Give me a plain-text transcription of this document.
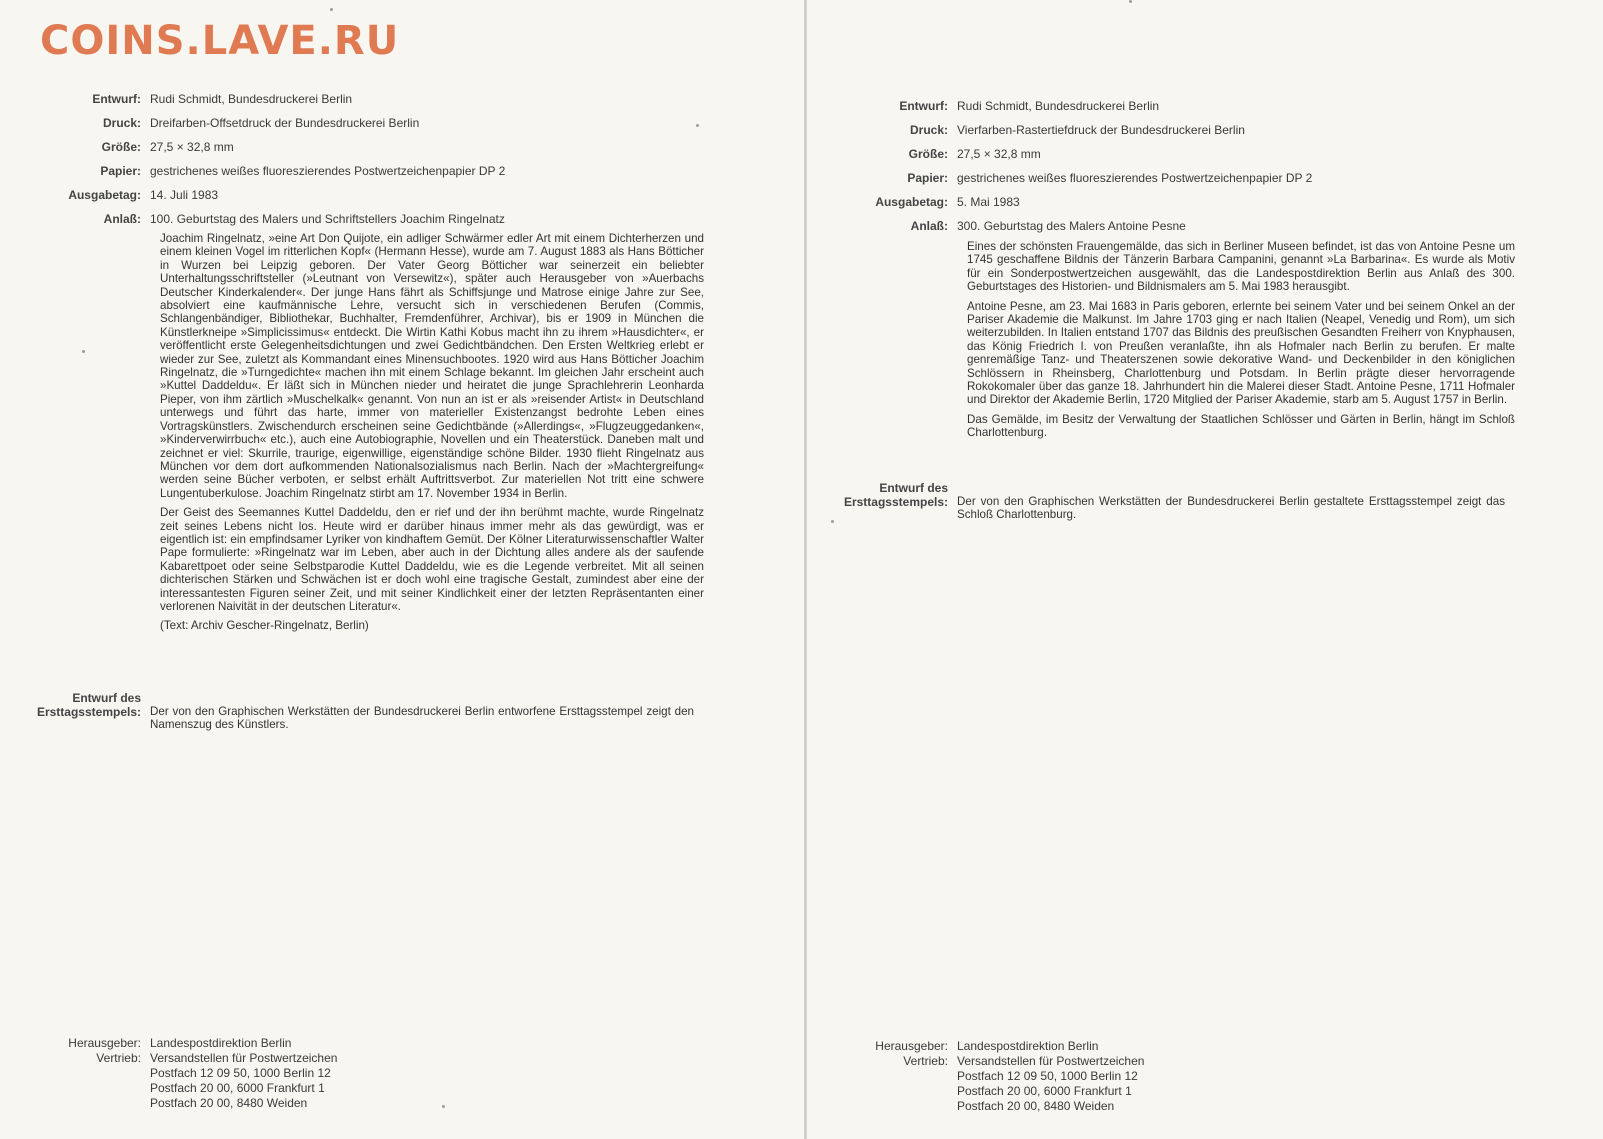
COINS.LAVE.RU
Entwurf: Rudi Schmidt, Bundesdruckerei Berlin
Druck: Dreifarben-Offsetdruck der Bundesdruckerei Berlin
Größe: 27,5 × 32,8 mm
Papier: gestrichenes weißes fluoreszierendes Postwertzeichenpapier DP 2
Ausgabetag: 14. Juli 1983
Anlaß: 100. Geburtstag des Malers und Schriftstellers Joachim Ringelnatz

Joachim Ringelnatz, »eine Art Don Quijote, ein adliger Schwärmer edler Art mit einem Dichterherzen und einem kleinen Vogel im ritterlichen Kopf« (Hermann Hesse), wurde am 7. August 1883 als Hans Bötticher in Wurzen bei Leipzig geboren. Der Vater Georg Bötticher war seinerzeit ein beliebter Unterhaltungsschriftsteller (»Leutnant von Versewitz«), später auch Herausgeber von »Auerbachs Deutscher Kinderkalender«. Der junge Hans fährt als Schiffsjunge und Matrose einige Jahre zur See, absolviert eine kaufmännische Lehre, versucht sich in verschiedenen Berufen (Commis, Schlangenbändiger, Bibliothekar, Buchhalter, Fremdenführer, Archivar), bis er 1909 in München die Künstlerkneipe »Simplicissimus« entdeckt. Die Wirtin Kathi Kobus macht ihn zu ihrem »Hausdichter«, er veröffentlicht erste Gelegenheitsdichtungen und zwei Gedichtbändchen. Den Ersten Weltkrieg erlebt er wieder zur See, zuletzt als Kommandant eines Minensuchbootes. 1920 wird aus Hans Bötticher Joachim Ringelnatz, die »Turngedichte« machen ihn mit einem Schlage bekannt. Im gleichen Jahr erscheint auch »Kuttel Daddeldu«. Er läßt sich in München nieder und heiratet die junge Sprachlehrerin Leonharda Pieper, von ihm zärtlich »Muschelkalk« genannt. Von nun an ist er als »reisender Artist« in Deutschland unterwegs und führt das harte, immer von materieller Existenzangst bedrohte Leben eines Vortragskünstlers. Zwischendurch erscheinen seine Gedichtbände (»Allerdings«, »Flugzeuggedanken«, »Kinderverwirrbuch« etc.), auch eine Autobiographie, Novellen und ein Theaterstück. Daneben malt und zeichnet er viel: Skurrile, traurige, eigenwillige, eigenständige schöne Bilder. 1930 flieht Ringelnatz aus München vor dem dort aufkommenden Nationalsozialismus nach Berlin. Nach der »Machtergreifung« werden seine Bücher verboten, er selbst erhält Auftrittsverbot. Zur materiellen Not tritt eine schwere Lungentuberkulose. Joachim Ringelnatz stirbt am 17. November 1934 in Berlin.

Der Geist des Seemannes Kuttel Daddeldu, den er rief und der ihn berühmt machte, wurde Ringelnatz zeit seines Lebens nicht los. Heute wird er darüber hinaus immer mehr als das gewürdigt, was er eigentlich ist: ein empfindsamer Lyriker von kindhaftem Gemüt. Der Kölner Literaturwissenschaftler Walter Pape formulierte: »Ringelnatz war im Leben, aber auch in der Dichtung alles andere als der saufende Kabarettpoet oder seine Selbstparodie Kuttel Daddeldu, wie es die Legende verbreitet. Mit all seinen dichterischen Stärken und Schwächen ist er doch wohl eine tragische Gestalt, zumindest aber eine der interessantesten Figuren seiner Zeit, und mit seiner Kindlichkeit einer der letzten Repräsentanten einer verlorenen Naivität in der deutschen Literatur«.

(Text: Archiv Gescher-Ringelnatz, Berlin)

Entwurf des
Ersttagsstempels: Der von den Graphischen Werkstätten der Bundesdruckerei Berlin entworfene Ersttagsstempel zeigt den Namenszug des Künstlers.
Herausgeber: Landespostdirektion Berlin
Vertrieb: Versandstellen für Postwertzeichen
Postfach 12 09 50, 1000 Berlin 12
Postfach 20 00, 6000 Frankfurt 1
Postfach 20 00, 8480 Weiden
Entwurf: Rudi Schmidt, Bundesdruckerei Berlin
Druck: Vierfarben-Rastertiefdruck der Bundesdruckerei Berlin
Größe: 27,5 × 32,8 mm
Papier: gestrichenes weißes fluoreszierendes Postwertzeichenpapier DP 2
Ausgabetag: 5. Mai 1983
Anlaß: 300. Geburtstag des Malers Antoine Pesne

Eines der schönsten Frauengemälde, das sich in Berliner Museen befindet, ist das von Antoine Pesne um 1745 geschaffene Bildnis der Tänzerin Barbara Campanini, genannt »La Barbarina«. Es wurde als Motiv für ein Sonderpostwertzeichen ausgewählt, das die Landespostdirektion Berlin aus Anlaß des 300. Geburtstages des Historien- und Bildnismalers am 5. Mai 1983 herausgibt.

Antoine Pesne, am 23. Mai 1683 in Paris geboren, erlernte bei seinem Vater und bei seinem Onkel an der Pariser Akademie die Malkunst. Im Jahre 1703 ging er nach Italien (Neapel, Venedig und Rom), um sich weiterzubilden. In Italien entstand 1707 das Bildnis des preußischen Gesandten Freiherr von Knyphausen, das König Friedrich I. von Preußen veranlaßte, ihn als Hofmaler nach Berlin zu berufen. Er malte genremäßige Tanz- und Theaterszenen sowie dekorative Wand- und Deckenbilder in den königlichen Schlössern in Rheinsberg, Charlottenburg und Potsdam. In Berlin prägte dieser hervorragende Rokokomaler über das ganze 18. Jahrhundert hin die Malerei dieser Stadt. Antoine Pesne, 1711 Hofmaler und Direktor der Akademie Berlin, 1720 Mitglied der Pariser Akademie, starb am 5. August 1757 in Berlin.

Das Gemälde, im Besitz der Verwaltung der Staatlichen Schlösser und Gärten in Berlin, hängt im Schloß Charlottenburg.

Entwurf des
Ersttagsstempels: Der von den Graphischen Werkstätten der Bundesdruckerei Berlin gestaltete Ersttagsstempel zeigt das Schloß Charlottenburg.
Herausgeber: Landespostdirektion Berlin
Vertrieb: Versandstellen für Postwertzeichen
Postfach 12 09 50, 1000 Berlin 12
Postfach 20 00, 6000 Frankfurt 1
Postfach 20 00, 8480 Weiden
